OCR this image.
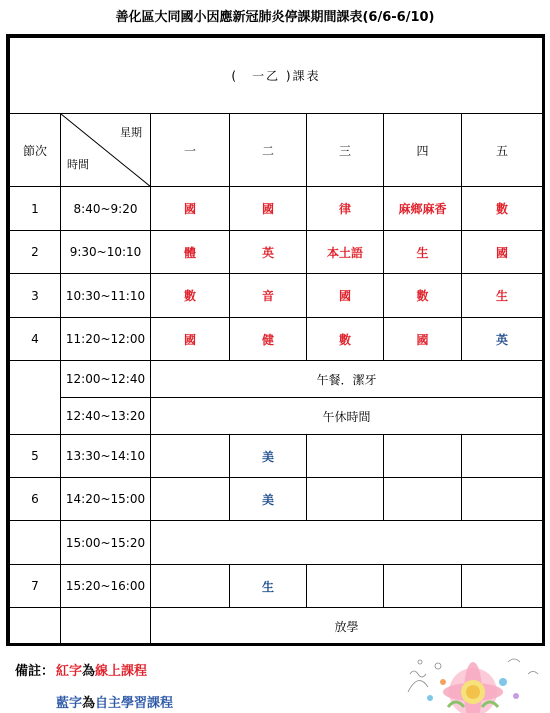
善化區大同國小因應新冠肺炎停課期間課表(6/6-6/10)
(　一乙 )課表						
節次	星期
時間	一	二	三	四	五
1	8:40~9:20	國	國	律	麻鄉麻香	數
2	9:30~10:10	體	英	本土語	生	國
3	10:30~11:10	數	音	國	數	生
4	11:20~12:00	國	健	數	國	英
	12:00~12:40	午餐．潔牙				
	12:40~13:20	午休時間				
5	13:30~14:10		美			
6	14:20~15:00		美			
	15:00~15:20					
7	15:20~16:00		生			
		放學				
備註： 紅字為線上課程
藍字為自主學習課程
